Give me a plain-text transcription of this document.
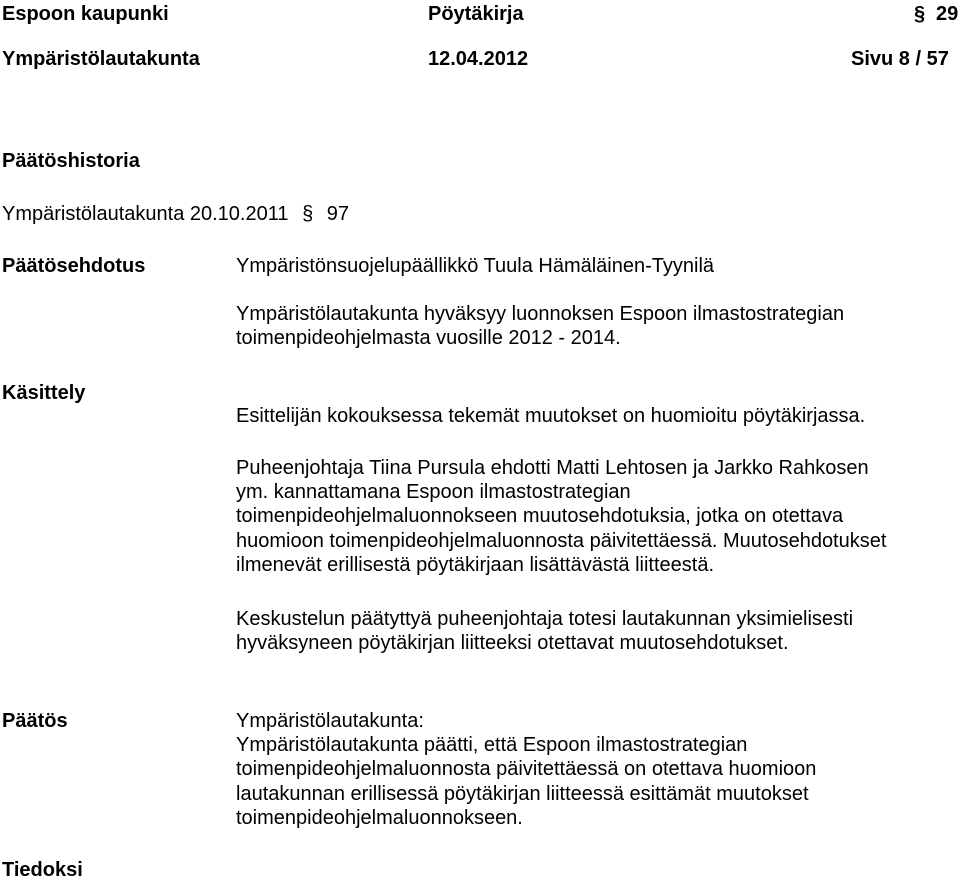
Espoon kaupunki	Pöytäkirja	§ 29
Ympäristölautakunta	12.04.2012	Sivu 8 / 57
Päätöshistoria
Ympäristölautakunta 20.10.2011 § 97
Päätösehdotus	Ympäristönsuojelupäällikkö Tuula Hämäläinen-Tyynilä
Ympäristölautakunta hyväksyy luonnoksen Espoon ilmastostrategian
toimenpideohjelmasta vuosille 2012 - 2014.
Käsittely
Esittelijän kokouksessa tekemät muutokset on huomioitu pöytäkirjassa.
Puheenjohtaja Tiina Pursula ehdotti Matti Lehtosen ja Jarkko Rahkosen
ym. kannattamana Espoon ilmastostrategian
toimenpideohjelmaluonnokseen muutosehdotuksia, jotka on otettava
huomioon toimenpideohjelmaluonnosta päivitettäessä. Muutosehdotukset
ilmenevät erillisestä pöytäkirjaan lisättävästä liitteestä.
Keskustelun päätyttyä puheenjohtaja totesi lautakunnan yksimielisesti
hyväksyneen pöytäkirjan liitteeksi otettavat muutosehdotukset.
Päätös	Ympäristölautakunta:
Ympäristölautakunta päätti, että Espoon ilmastostrategian
toimenpideohjelmaluonnosta päivitettäessä on otettava huomioon
lautakunnan erillisessä pöytäkirjan liitteessä esittämät muutokset
toimenpideohjelmaluonnokseen.
Tiedoksi
